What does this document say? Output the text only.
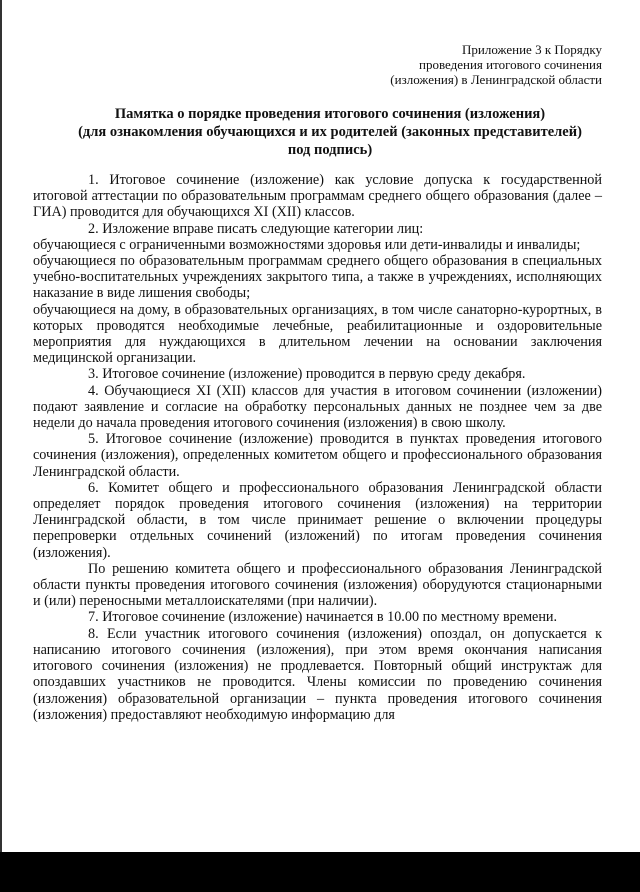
Приложение 3 к Порядку
проведения итогового сочинения
(изложения) в Ленинградской области
Памятка о порядке проведения итогового сочинения (изложения)
(для ознакомления обучающихся и их родителей (законных представителей)
под подпись)

1. Итоговое сочинение (изложение) как условие допуска к государственной итоговой аттестации по образовательным программам среднего общего образования (далее – ГИА) проводится для обучающихся XI (XII) классов.

2. Изложение вправе писать следующие категории лиц:

обучающиеся с ограниченными возможностями здоровья или дети-инвалиды и инвалиды;

обучающиеся по образовательным программам среднего общего образования в специальных учебно-воспитательных учреждениях закрытого типа, а также в учреждениях, исполняющих наказание в виде лишения свободы;

обучающиеся на дому, в образовательных организациях, в том числе санаторно-курортных, в которых проводятся необходимые лечебные, реабилитационные и оздоровительные мероприятия для нуждающихся в длительном лечении на основании заключения медицинской организации.

3. Итоговое сочинение (изложение) проводится в первую среду декабря.

4. Обучающиеся XI (XII) классов для участия в итоговом сочинении (изложении) подают заявление и согласие на обработку персональных данных не позднее чем за две недели до начала проведения итогового сочинения (изложения) в свою школу.

5. Итоговое сочинение (изложение) проводится в пунктах проведения итогового сочинения (изложения), определенных комитетом общего и профессионального образования Ленинградской области.

6. Комитет общего и профессионального образования Ленинградской области определяет порядок проведения итогового сочинения (изложения) на территории Ленинградской области, в том числе принимает решение о включении процедуры перепроверки отдельных сочинений (изложений) по итогам проведения сочинения (изложения).

По решению комитета общего и профессионального образования Ленинградской области пункты проведения итогового сочинения (изложения) оборудуются стационарными и (или) переносными металлоискателями (при наличии).

7. Итоговое сочинение (изложение) начинается в 10.00 по местному времени.

8. Если участник итогового сочинения (изложения) опоздал, он допускается к написанию итогового сочинения (изложения), при этом время окончания написания итогового сочинения (изложения) не продлевается. Повторный общий инструктаж для опоздавших участников не проводится. Члены комиссии по проведению сочинения (изложения) образовательной организации – пункта проведения итогового сочинения (изложения) предоставляют необходимую информацию для
